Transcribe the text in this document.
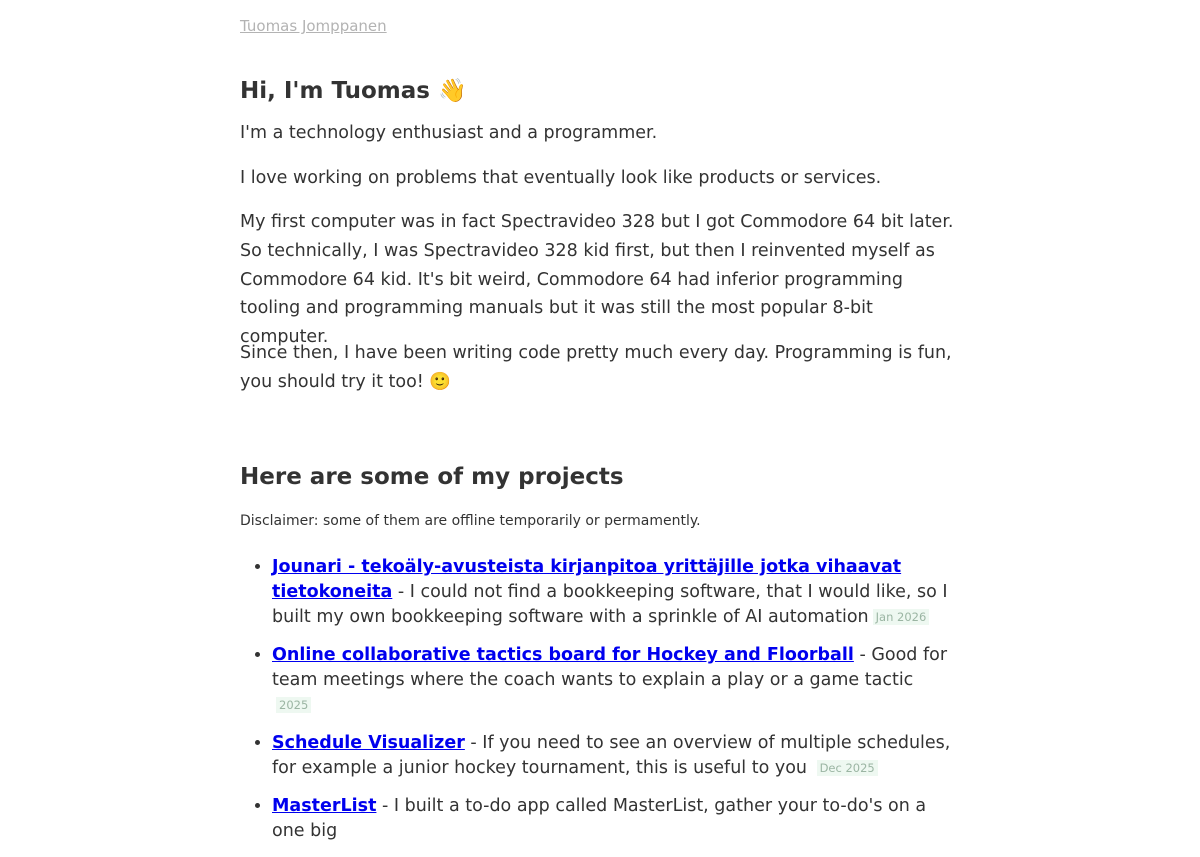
Tuomas Jomppanen
Hi, I'm Tuomas 👋

I'm a technology enthusiast and a programmer.

I love working on problems that eventually look like products or services.

My first computer was in fact Spectravideo 328 but I got Commodore 64 bit later. So technically, I was Spectravideo 328 kid first, but then I reinvented myself as Commodore 64 kid. It's bit weird, Commodore 64 had inferior programming tooling and programming manuals but it was still the most popular 8-bit computer.

Since then, I have been writing code pretty much every day. Programming is fun, you should try it too! 🙂

Here are some of my projects

Disclaimer: some of them are offline temporarily or permamently.

• Jounari - tekoäly-avusteista kirjanpitoa yrittäjille jotka vihaavat tietokoneita - I could not find a bookkeeping software, that I would like, so I built my own bookkeeping software with a sprinkle of AI automation Jan 2026
• Online collaborative tactics board for Hockey and Floorball - Good for team meetings where the coach wants to explain a play or a game tactic 2025
• Schedule Visualizer - If you need to see an overview of multiple schedules, for example a junior hockey tournament, this is useful to you Dec 2025
• MasterList - I built a to-do app called MasterList, gather your to-do's on a one big
